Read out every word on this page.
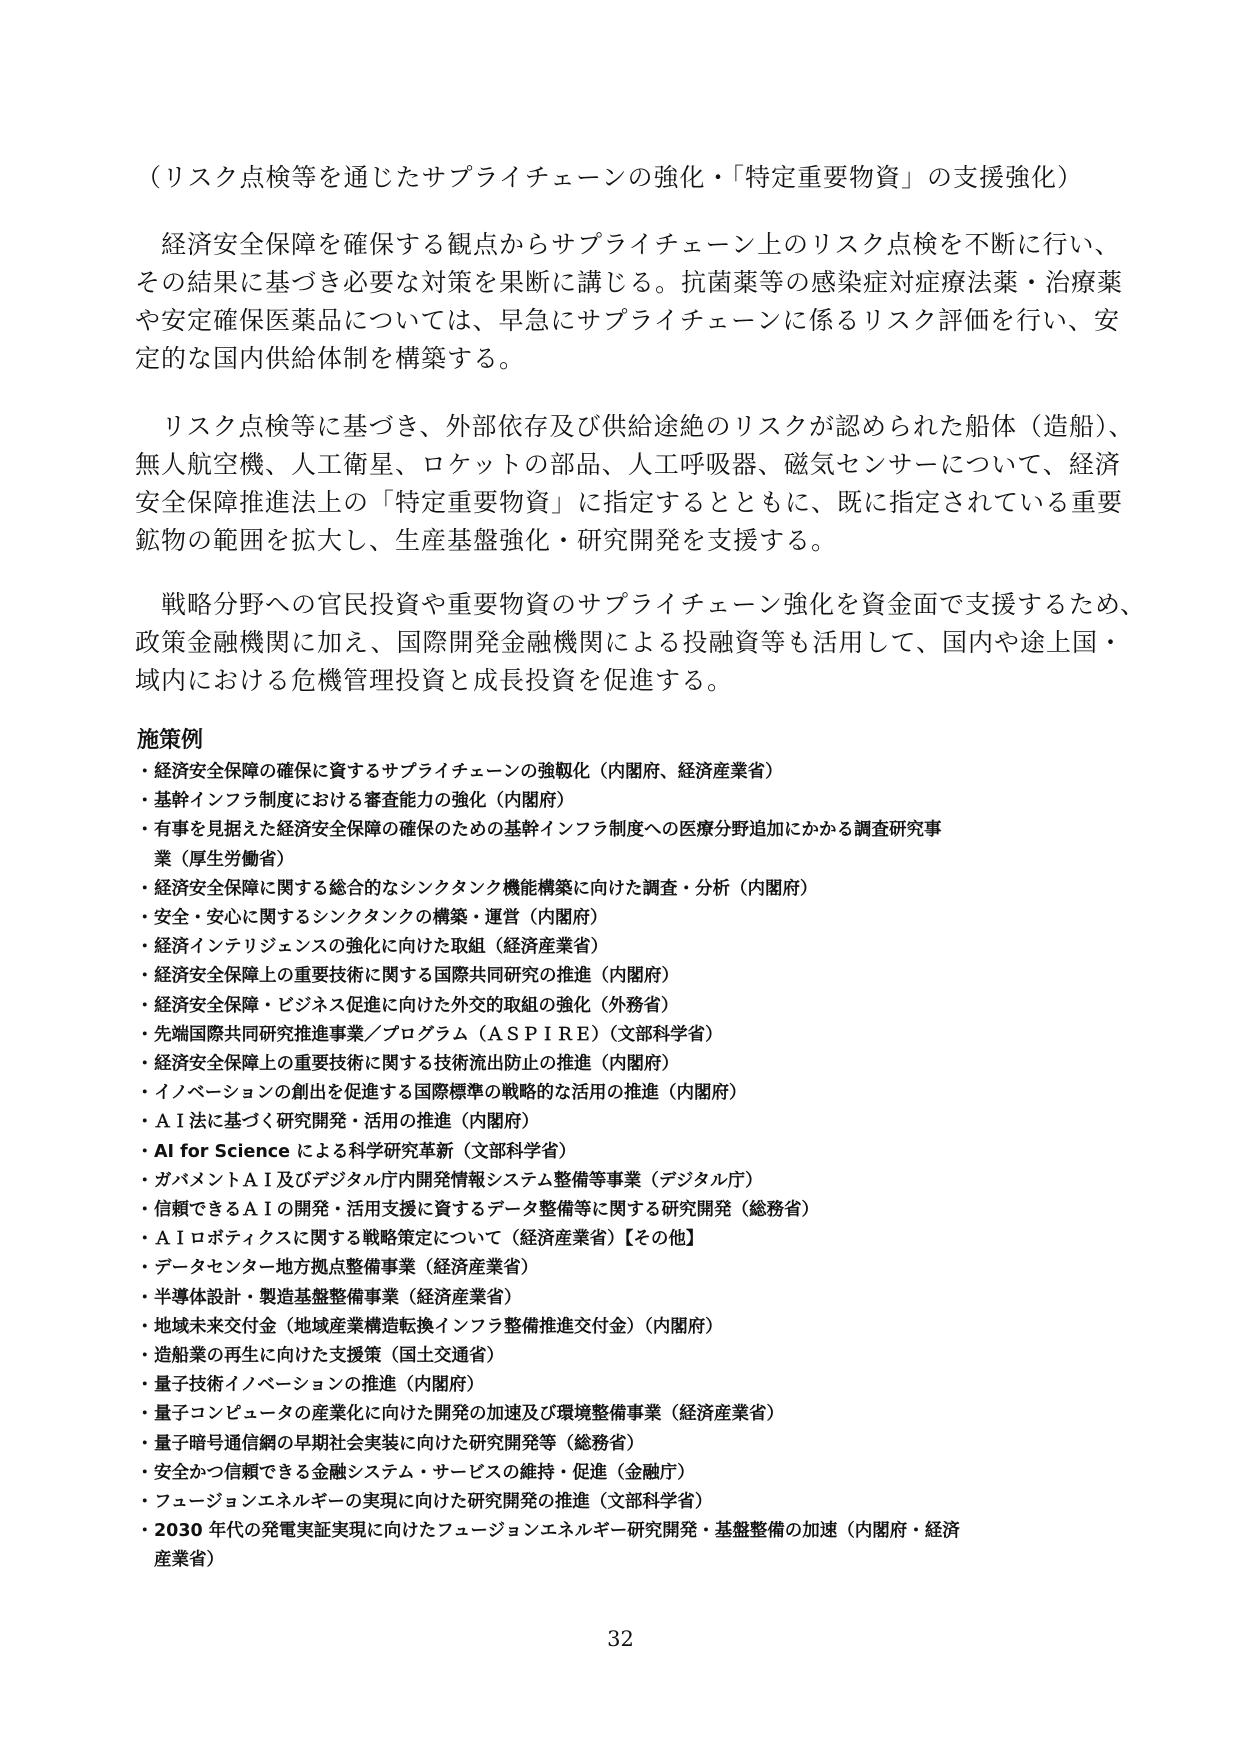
（リスク点検等を通じたサプライチェーンの強化・「特定重要物資」の支援強化）

　経済安全保障を確保する観点からサプライチェーン上のリスク点検を不断に行い、
その結果に基づき必要な対策を果断に講じる。抗菌薬等の感染症対症療法薬・治療薬
や安定確保医薬品については、早急にサプライチェーンに係るリスク評価を行い、安
定的な国内供給体制を構築する。

　リスク点検等に基づき、外部依存及び供給途絶のリスクが認められた船体（造船）、
無人航空機、人工衛星、ロケットの部品、人工呼吸器、磁気センサーについて、経済
安全保障推進法上の「特定重要物資」に指定するとともに、既に指定されている重要
鉱物の範囲を拡大し、生産基盤強化・研究開発を支援する。

　戦略分野への官民投資や重要物資のサプライチェーン強化を資金面で支援するため、
政策金融機関に加え、国際開発金融機関による投融資等も活用して、国内や途上国・
域内における危機管理投資と成長投資を促進する。

施策例
・経済安全保障の確保に資するサプライチェーンの強靱化（内閣府、経済産業省）
・基幹インフラ制度における審査能力の強化（内閣府）
・有事を見据えた経済安全保障の確保のための基幹インフラ制度への医療分野追加にかかる調査研究事
業（厚生労働省）
・経済安全保障に関する総合的なシンクタンク機能構築に向けた調査・分析（内閣府）
・安全・安心に関するシンクタンクの構築・運営（内閣府）
・経済インテリジェンスの強化に向けた取組（経済産業省）
・経済安全保障上の重要技術に関する国際共同研究の推進（内閣府）
・経済安全保障・ビジネス促進に向けた外交的取組の強化（外務省）
・先端国際共同研究推進事業／プログラム（ＡＳＰＩＲＥ）（文部科学省）
・経済安全保障上の重要技術に関する技術流出防止の推進（内閣府）
・イノベーションの創出を促進する国際標準の戦略的な活用の推進（内閣府）
・ＡＩ法に基づく研究開発・活用の推進（内閣府）
・AI for Science による科学研究革新（文部科学省）
・ガバメントＡＩ及びデジタル庁内開発情報システム整備等事業（デジタル庁）
・信頼できるＡＩの開発・活用支援に資するデータ整備等に関する研究開発（総務省）
・ＡＩロボティクスに関する戦略策定について（経済産業省）【その他】
・データセンター地方拠点整備事業（経済産業省）
・半導体設計・製造基盤整備事業（経済産業省）
・地域未来交付金（地域産業構造転換インフラ整備推進交付金）（内閣府）
・造船業の再生に向けた支援策（国土交通省）
・量子技術イノベーションの推進（内閣府）
・量子コンピュータの産業化に向けた開発の加速及び環境整備事業（経済産業省）
・量子暗号通信網の早期社会実装に向けた研究開発等（総務省）
・安全かつ信頼できる金融システム・サービスの維持・促進（金融庁）
・フュージョンエネルギーの実現に向けた研究開発の推進（文部科学省）
・2030 年代の発電実証実現に向けたフュージョンエネルギー研究開発・基盤整備の加速（内閣府・経済
産業省）
32
